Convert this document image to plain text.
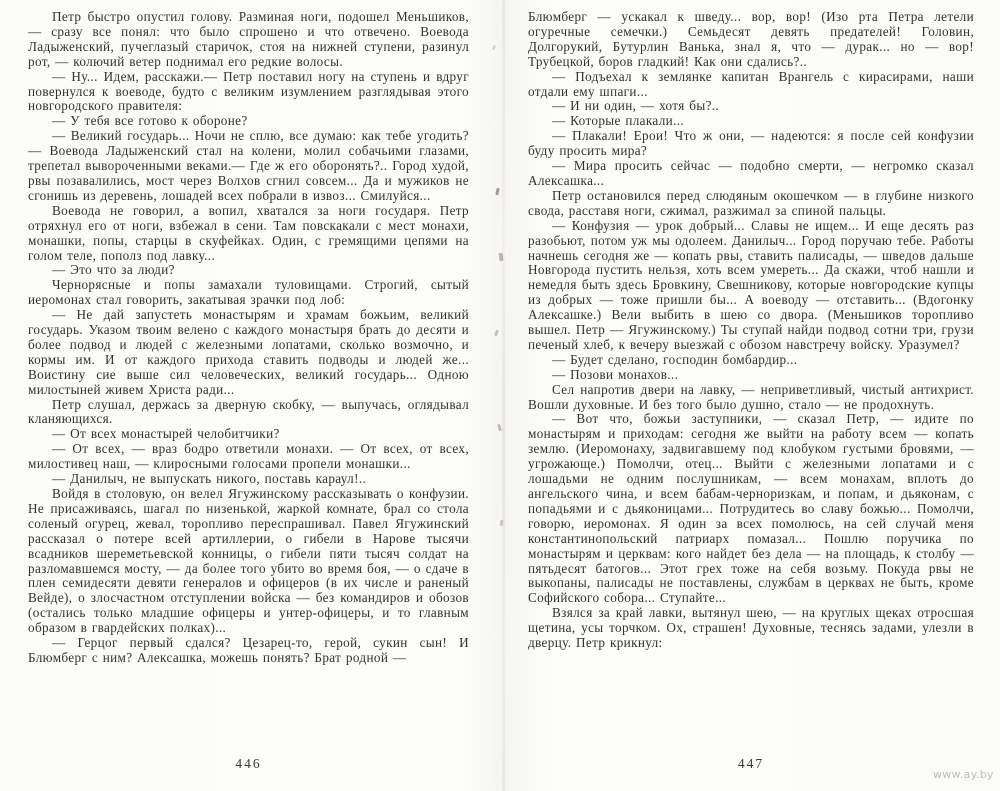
Петр быстро опустил голову. Разминая ноги, подошел Меньшиков, — сразу все понял: что было спрошено и что отвечено. Воевода Ладыженский, пучеглазый старичок, стоя на нижней ступени, разинул рот, — колючий ветер поднимал его редкие волосы.

— Ну... Идем, расскажи.— Петр поставил ногу на ступень и вдруг повернулся к воеводе, будто с великим изумлением разглядывая этого новгородского правителя:

— У тебя все готово к обороне?

— Великий государь... Ночи не сплю, все думаю: как тебе угодить? — Воевода Ладыженский стал на колени, молил собачьими глазами, трепетал вывороченными веками.— Где ж его оборонять?.. Город худой, рвы позавалились, мост через Волхов сгнил совсем... Да и мужиков не сгонишь из деревень, лошадей всех побрали в извоз... Смилуйся...

Воевода не говорил, а вопил, хватался за ноги государя. Петр отряхнул его от ноги, взбежал в сени. Там повскакали с мест монахи, монашки, попы, старцы в скуфейках. Один, с гремящими цепями на голом теле, пополз под лавку...

— Это что за люди?

Чернорясные и попы замахали туловищами. Строгий, сытый иеромонах стал говорить, закатывая зрачки под лоб:

— Не дай запустеть монастырям и храмам божьим, великий государь. Указом твоим велено с каждого монастыря брать до десяти и более подвод и людей с железными лопатами, сколько возмочно, и кормы им. И от каждого прихода ставить подводы и людей же... Воистину сие выше сил человеческих, великий государь... Одною милостыней живем Христа ради...

Петр слушал, держась за дверную скобку, — выпучась, оглядывал кланяющихся.

— От всех монастырей челобитчики?

— От всех, — враз бодро ответили монахи. — От всех, от всех, милостивец наш, — клиросными голосами пропели монашки...

— Данилыч, не выпускать никого, поставь караул!..

Войдя в столовую, он велел Ягужинскому рассказывать о конфузии. Не присаживаясь, шагал по низенькой, жаркой комнате, брал со стола соленый огурец, жевал, торопливо переспрашивал. Павел Ягужинский рассказал о потере всей артиллерии, о гибели в Нарове тысячи всадников шереметьевской конницы, о гибели пяти тысяч солдат на разломавшемся мосту, — да более того убито во время боя, — о сдаче в плен семидесяти девяти генералов и офицеров (в их числе и раненый Вейде), о злосчастном отступлении войска — без командиров и обозов (остались только младшие офицеры и унтер-офицеры, и то главным образом в гвардейских полках)...

— Герцог первый сдался? Цезарец-то, герой, сукин сын! И Блюмберг с ним? Алексашка, можешь понять? Брат родной —

Блюмберг — ускакал к шведу... вор, вор! (Изо рта Петра летели огуречные семечки.) Семьдесят девять предателей! Головин, Долгорукий, Бутурлин Ванька, знал я, что — дурак... но — вор! Трубецкой, боров гладкий! Как они сдались?..

— Подъехал к землянке капитан Врангель с кирасирами, наши отдали ему шпаги...

— И ни один, — хотя бы?..

— Которые плакали...

— Плакали! Ерои! Что ж они, — надеются: я после сей конфузии буду просить мира?

— Мира просить сейчас — подобно смерти, — негромко сказал Алексашка...

Петр остановился перед слюдяным окошечком — в глубине низкого свода, расставя ноги, сжимал, разжимал за спиной пальцы.

— Конфузия — урок добрый... Славы не ищем... И еще десять раз разобьют, потом уж мы одолеем. Данилыч... Город поручаю тебе. Работы начнешь сегодня же — копать рвы, ставить палисады, — шведов дальше Новгорода пустить нельзя, хоть всем умереть... Да скажи, чтоб нашли и немедля быть здесь Бровкину, Свешникову, которые новгородские купцы из добрых — тоже пришли бы... А воеводу — отставить... (Вдогонку Алексашке.) Вели выбить в шею со двора. (Меньшиков торопливо вышел. Петр — Ягужинскому.) Ты ступай найди подвод сотни три, грузи печеный хлеб, к вечеру выезжай с обозом навстречу войску. Уразумел?

— Будет сделано, господин бомбардир...

— Позови монахов...

Сел напротив двери на лавку, — неприветливый, чистый антихрист. Вошли духовные. И без того было душно, стало — не продохнуть.

— Вот что, божьи заступники, — сказал Петр, — идите по монастырям и приходам: сегодня же выйти на работу всем — копать землю. (Иеромонаху, задвигавшему под клобуком густыми бровями, — угрожающе.) Помолчи, отец... Выйти с железными лопатами и с лошадьми не одним послушникам, — всем монахам, вплоть до ангельского чина, и всем бабам-черноризкам, и попам, и дьяконам, с попадьями и с дьяконицами... Потрудитесь во славу божью... Помолчи, говорю, иеромонах. Я один за всех помолюсь, на сей случай меня константинопольский патриарх помазал... Пошлю поручика по монастырям и церквам: кого найдет без дела — на площадь, к столбу — пятьдесят батогов... Этот грех тоже на себя возьму. Покуда рвы не выкопаны, палисады не поставлены, службам в церквах не быть, кроме Софийского собора... Ступайте...

Взялся за край лавки, вытянул шею, — на круглых щеках отросшая щетина, усы торчком. Ох, страшен! Духовные, теснясь задами, улезли в дверцу. Петр крикнул:

446	447
www.ay.by
